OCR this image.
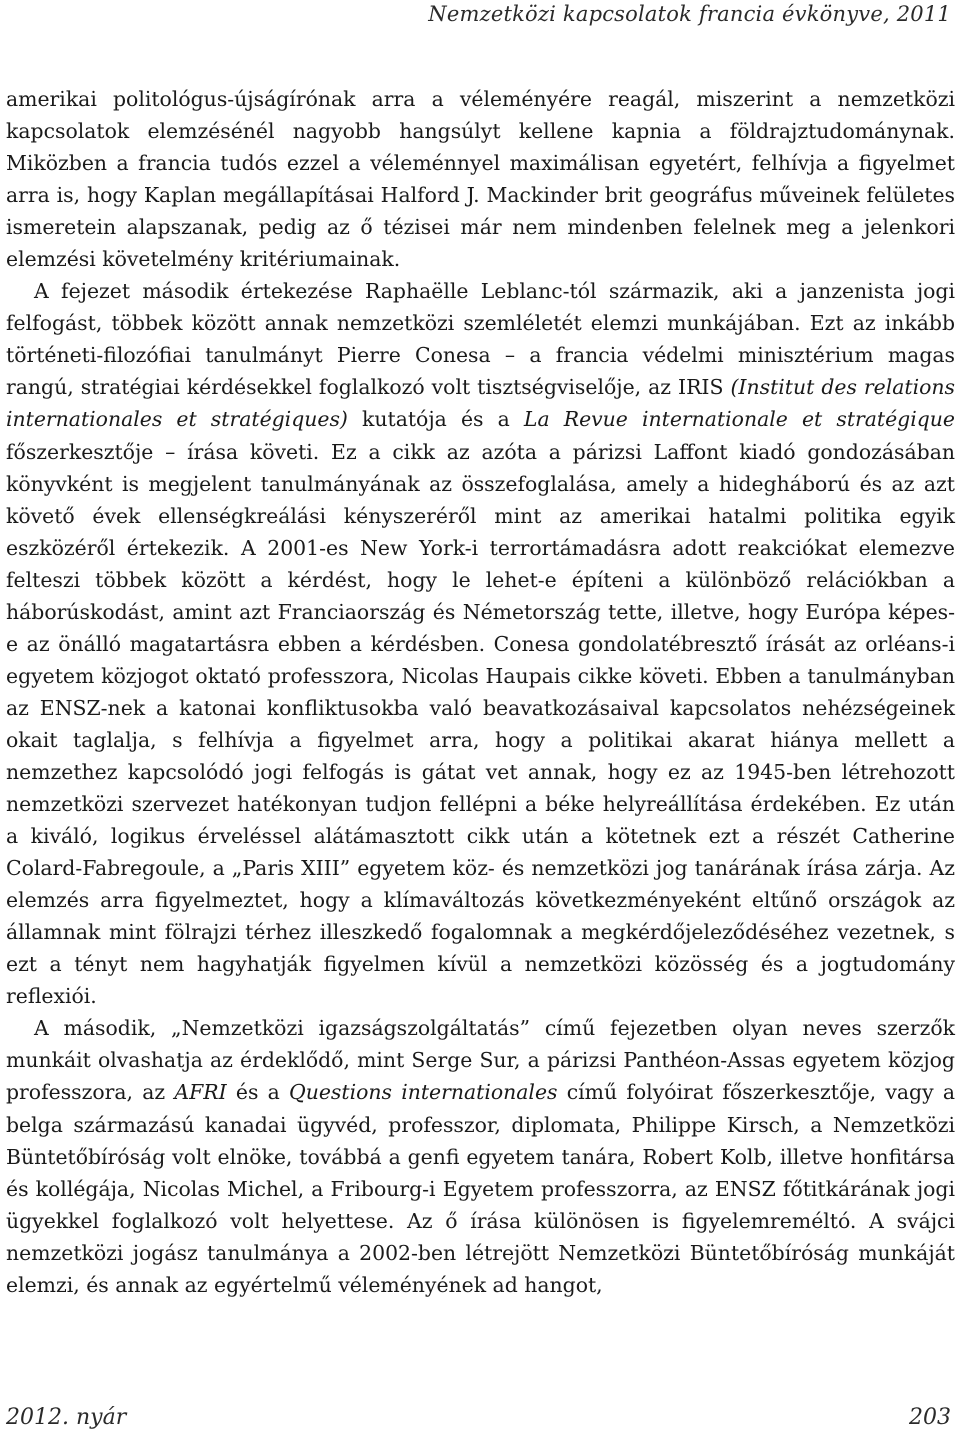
Nemzetközi kapcsolatok francia évkönyve, 2011

amerikai politológus-újságírónak arra a véleményére reagál, miszerint a nemzetközi kapcsolatok elemzésénél nagyobb hangsúlyt kellene kapnia a földrajztudománynak. Miközben a francia tudós ezzel a véleménnyel maximálisan egyetért, felhívja a figyelmet arra is, hogy Kaplan megállapításai Halford J. Mackinder brit geográfus műveinek felületes ismeretein alapszanak, pedig az ő tézisei már nem mindenben felelnek meg a jelenkori elemzési követelmény kritériumainak.

A fejezet második értekezése Raphaëlle Leblanc-tól származik, aki a janzenista jogi felfogást, többek között annak nemzetközi szemléletét elemzi munkájában. Ezt az inkább történeti-filozófiai tanulmányt Pierre Conesa – a francia védelmi minisztérium magas rangú, stratégiai kérdésekkel foglalkozó volt tisztségviselője, az IRIS (Institut des relations internationales et stratégiques) kutatója és a La Revue internationale et stratégique főszerkesztője – írása követi. Ez a cikk az azóta a párizsi Laffont kiadó gondozásában könyvként is megjelent tanulmányának az összefoglalása, amely a hidegháború és az azt követő évek ellenségkreálási kényszeréről mint az amerikai hatalmi politika egyik eszközéről értekezik. A 2001-es New York-i terrortámadásra adott reakciókat elemezve felteszi többek között a kérdést, hogy le lehet-e építeni a különböző relációkban a háborúskodást, amint azt Franciaország és Németország tette, illetve, hogy Európa képes-e az önálló magatartásra ebben a kérdésben. Conesa gondolatébresztő írását az orléans-i egyetem közjogot oktató professzora, Nicolas Haupais cikke követi. Ebben a tanulmányban az ENSZ-nek a katonai konfliktusokba való beavatkozásaival kapcsolatos nehézségeinek okait taglalja, s felhívja a figyelmet arra, hogy a politikai akarat hiánya mellett a nemzethez kapcsolódó jogi felfogás is gátat vet annak, hogy ez az 1945-ben létrehozott nemzetközi szervezet hatékonyan tudjon fellépni a béke helyreállítása érdekében. Ez után a kiváló, logikus érveléssel alátámasztott cikk után a kötetnek ezt a részét Catherine Colard-Fabregoule, a „Paris XIII” egyetem köz- és nemzetközi jog tanárának írása zárja. Az elemzés arra figyelmeztet, hogy a klímaváltozás következményeként eltűnő országok az államnak mint fölrajzi térhez illeszkedő fogalomnak a megkérdőjeleződéséhez vezetnek, s ezt a tényt nem hagyhatják figyelmen kívül a nemzetközi közösség és a jogtudomány reflexiói.

A második, „Nemzetközi igazságszolgáltatás” című fejezetben olyan neves szerzők munkáit olvashatja az érdeklődő, mint Serge Sur, a párizsi Panthéon-Assas egyetem közjog professzora, az AFRI és a Questions internationales című folyóirat főszerkesztője, vagy a belga származású kanadai ügyvéd, professzor, diplomata, Philippe Kirsch, a Nemzetközi Büntetőbíróság volt elnöke, továbbá a genfi egyetem tanára, Robert Kolb, illetve honfitársa és kollégája, Nicolas Michel, a Fribourg-i Egyetem professzorra, az ENSZ főtitkárának jogi ügyekkel foglalkozó volt helyettese. Az ő írása különösen is figyelemreméltó. A svájci nemzetközi jogász tanulmánya a 2002-ben létrejött Nemzetközi Büntetőbíróság munkáját elemzi, és annak az egyértelmű véleményének ad hangot,

2012. nyár	203
